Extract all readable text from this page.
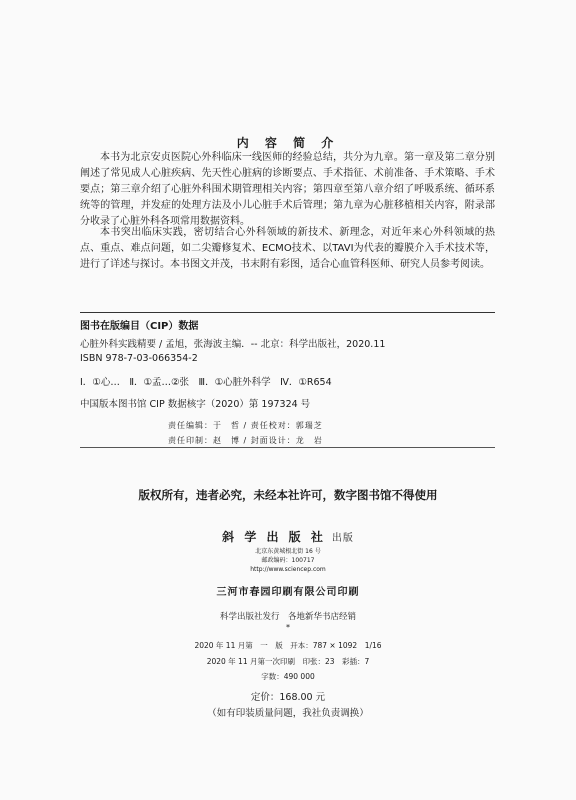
内 容 简 介
本书为北京安贞医院心外科临床一线医师的经验总结，共分为九章。第一章及第二章分别阐述了常见成人心脏疾病、先天性心脏病的诊断要点、手术指征、术前准备、手术策略、手术要点；第三章介绍了心脏外科围术期管理相关内容；第四章至第八章介绍了呼吸系统、循环系统等的管理，并发症的处理方法及小儿心脏手术后管理；第九章为心脏移植相关内容，附录部分收录了心脏外科各项常用数据资料。
本书突出临床实践，密切结合心外科领域的新技术、新理念，对近年来心外科领域的热点、重点、难点问题，如二尖瓣修复术、ECMO技术、以TAVI为代表的瓣膜介入手术技术等，进行了详述与探讨。本书图文并茂，书末附有彩图，适合心血管科医师、研究人员参考阅读。
图书在版编目（CIP）数据
心脏外科实践精要 / 孟旭，张海波主编．-- 北京：科学出版社，2020.11
ISBN 978-7-03-066354-2
Ⅰ．①心…　Ⅱ．①孟…②张　Ⅲ．①心脏外科学　Ⅳ．①R654
中国版本图书馆 CIP 数据核字（2020）第 197324 号
责任编辑：于　哲 / 责任校对：郭瑞芝
责任印制：赵　博 / 封面设计：龙　岩
版权所有，违者必究，未经本社许可，数字图书馆不得使用
斜 学 出 版 社 出版
北京东黄城根北街 16 号
邮政编码：100717
http://www.sciencep.com
三河市春园印刷有限公司印刷
科学出版社发行　各地新华书店经销
*
2020 年 11 月第　一　版　开本：787 × 1092　1/16
2020 年 11 月第一次印刷　印张：23　彩插：7
字数：490 000
定价：168.00 元
（如有印装质量问题，我社负责调换）
